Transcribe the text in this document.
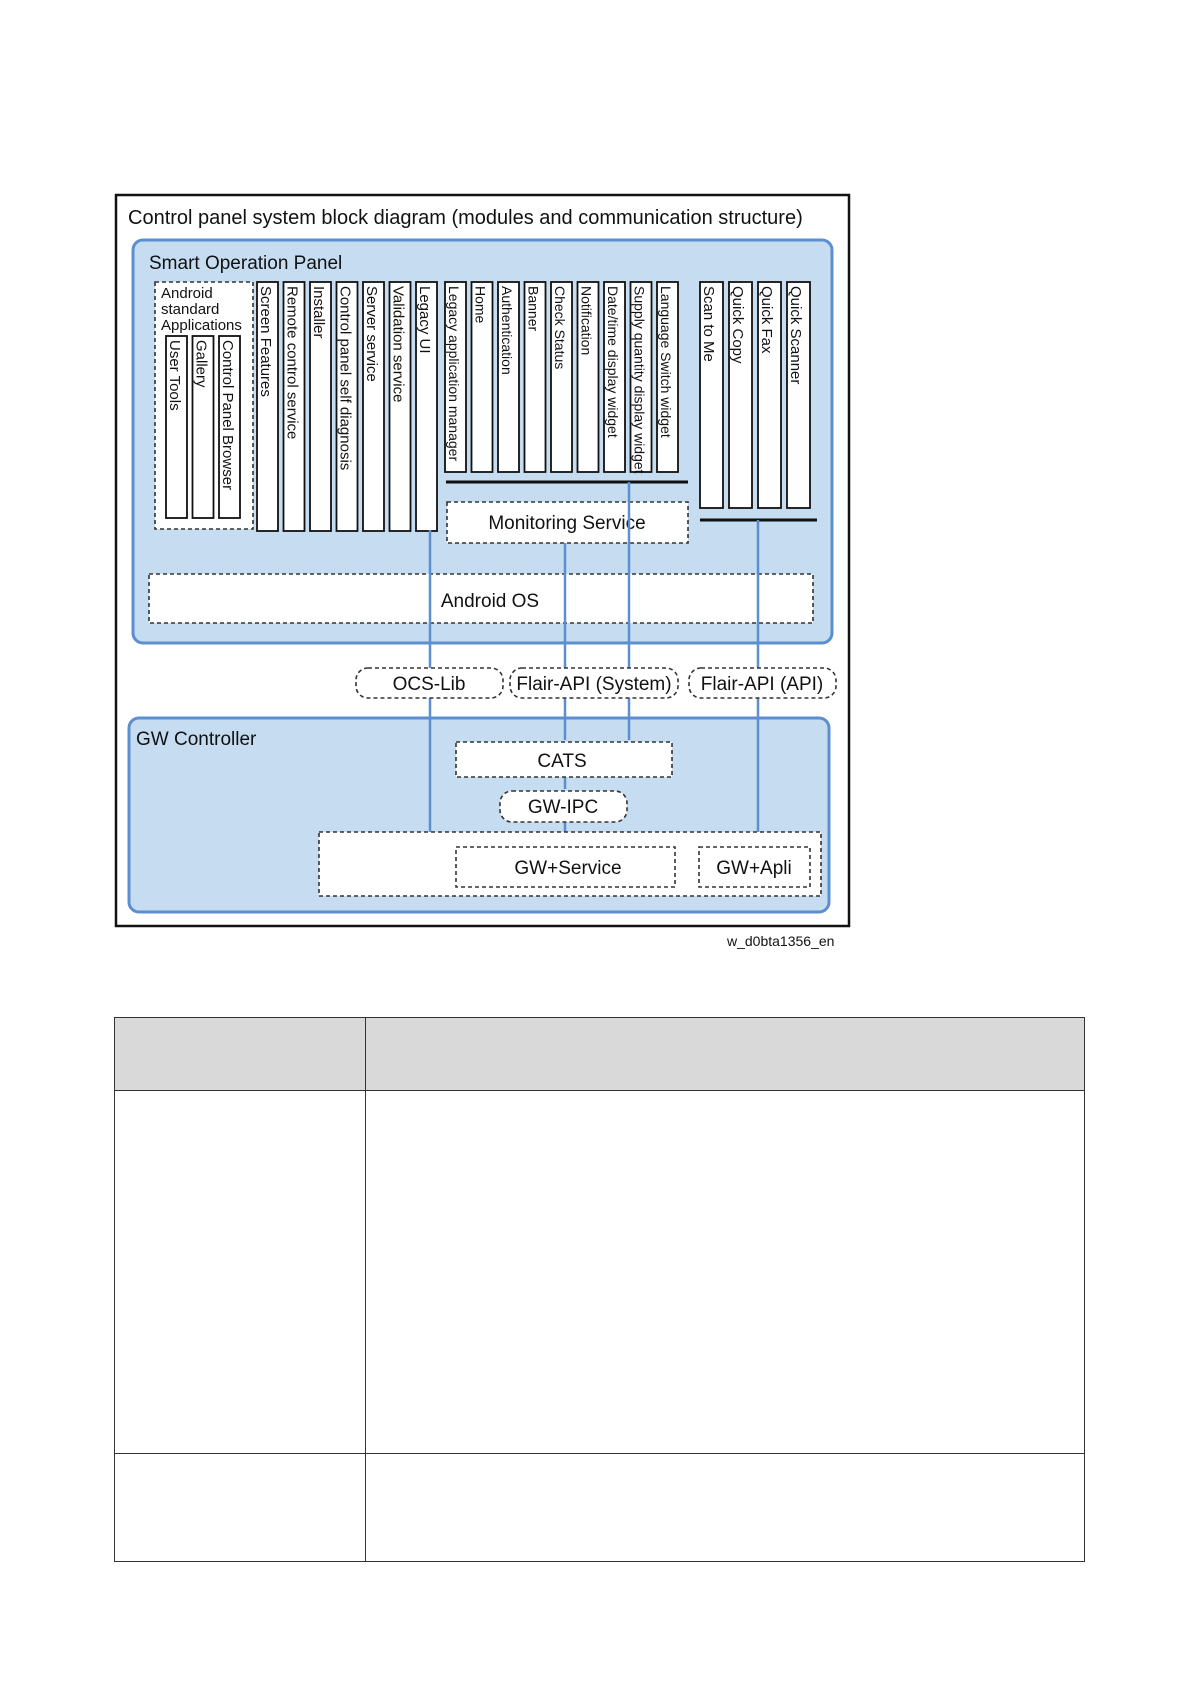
Control panel system block diagram (modules and communication structure)
Smart Operation Panel
Android
standard
Applications
User Tools Gallery Control Panel Browser Screen Features Remote control service Installer Control panel self diagnosis Server service Validation service Legacy UI Legacy application manager Home Authentication Banner Check Status Notification Date/time display widget Supply quantity display widget Language Switch widget Scan to Me Quick Copy Quick Fax Quick Scanner
Monitoring Service
Android OS
GW Controller
OCS-Lib	Flair-API (System) Flair-API (API)
CATS
GW-IPC
GW+Service	GW+Apli
w_d0bta1356_en
